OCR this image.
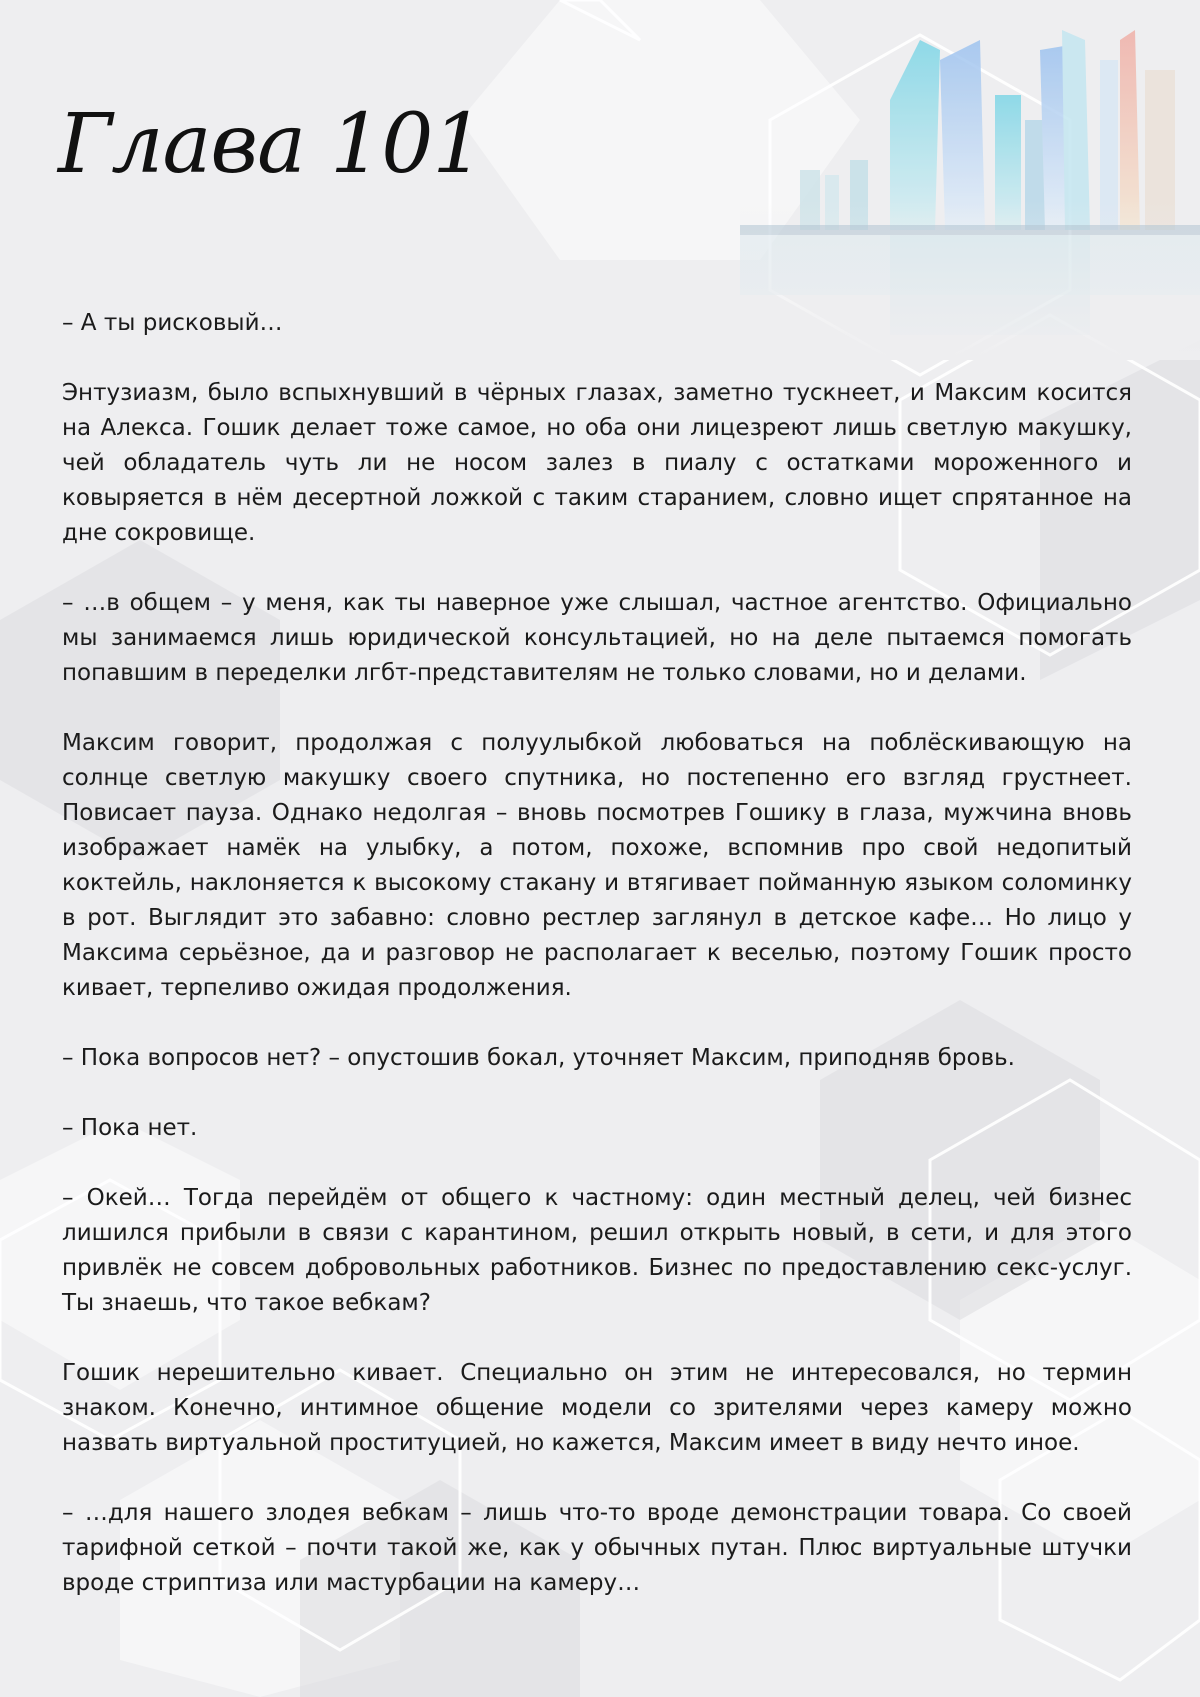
Глава 101

– А ты рисковый…

Энтузиазм, было вспыхнувший в чёрных глазах, заметно тускнеет, и Максим косится на Алекса. Гошик делает тоже самое, но оба они лицезреют лишь светлую макушку, чей обладатель чуть ли не носом залез в пиалу с остатками мороженного и ковыряется в нём десертной ложкой с таким старанием, словно ищет спрятанное на дне сокровище.

– …в общем – у меня, как ты наверное уже слышал, частное агентство. Официально мы занимаемся лишь юридической консультацией, но на деле пытаемся помогать попавшим в переделки лгбт-представителям не только словами, но и делами.

Максим говорит, продолжая с полуулыбкой любоваться на поблёскивающую на солнце светлую макушку своего спутника, но постепенно его взгляд грустнеет. Повисает пауза. Однако недолгая – вновь посмотрев Гошику в глаза, мужчина вновь изображает намёк на улыбку, а потом, похоже, вспомнив про свой недопитый коктейль, наклоняется к высокому стакану и втягивает пойманную языком соломинку в рот. Выглядит это забавно: словно рестлер заглянул в детское кафе… Но лицо у Максима серьёзное, да и разговор не располагает к веселью, поэтому Гошик просто кивает, терпеливо ожидая продолжения.

– Пока вопросов нет? – опустошив бокал, уточняет Максим, приподняв бровь.

– Пока нет.

– Окей… Тогда перейдём от общего к частному: один местный делец, чей бизнес лишился прибыли в связи с карантином, решил открыть новый, в сети, и для этого привлёк не совсем добровольных работников. Бизнес по предоставлению секс-услуг. Ты знаешь, что такое вебкам?

Гошик нерешительно кивает. Специально он этим не интересовался, но термин знаком. Конечно, интимное общение модели со зрителями через камеру можно назвать виртуальной проституцией, но кажется, Максим имеет в виду нечто иное.

– …для нашего злодея вебкам – лишь что-то вроде демонстрации товара. Со своей тарифной сеткой – почти такой же, как у обычных путан. Плюс виртуальные штучки вроде стриптиза или мастурбации на камеру…
